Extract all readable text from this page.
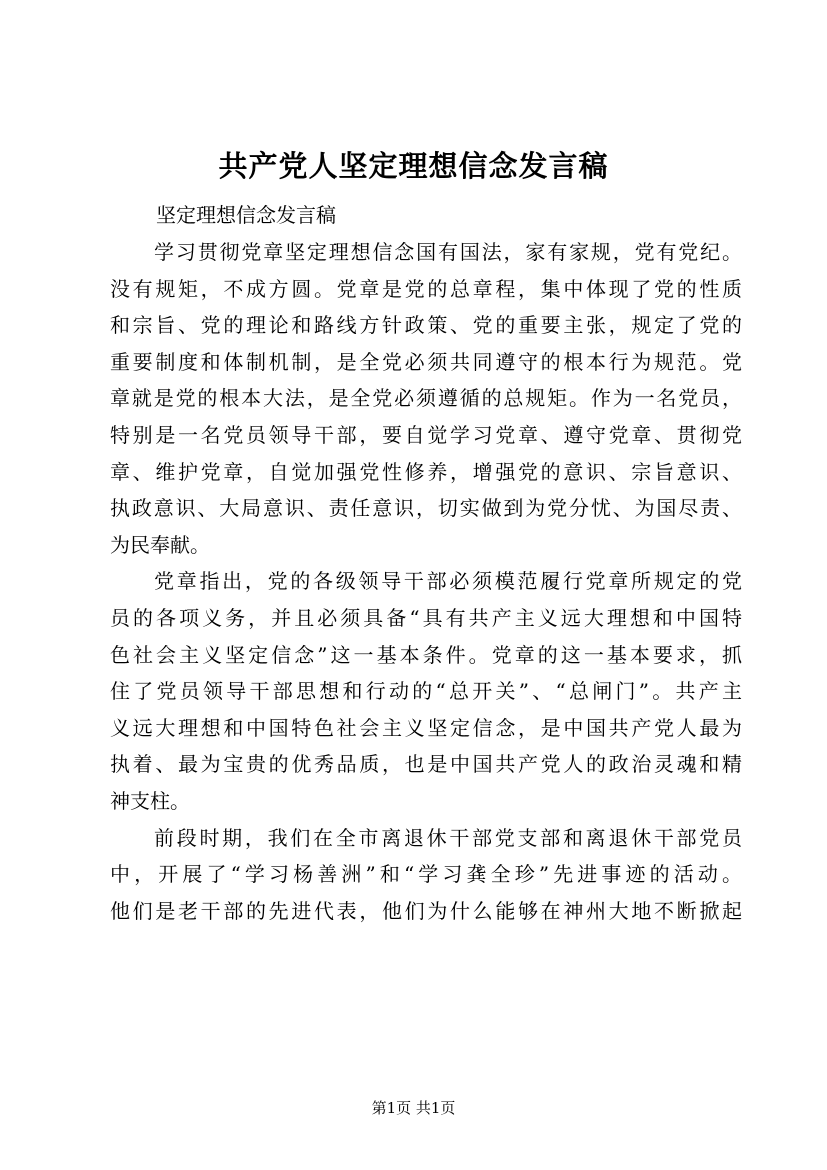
共产党人坚定理想信念发言稿
坚定理想信念发言稿
学习贯彻党章坚定理想信念国有国法，家有家规，党有党纪。
没有规矩，不成方圆。党章是党的总章程，集中体现了党的性质
和宗旨、党的理论和路线方针政策、党的重要主张，规定了党的
重要制度和体制机制，是全党必须共同遵守的根本行为规范。党
章就是党的根本大法，是全党必须遵循的总规矩。作为一名党员，
特别是一名党员领导干部，要自觉学习党章、遵守党章、贯彻党
章、维护党章，自觉加强党性修养，增强党的意识、宗旨意识、
执政意识、大局意识、责任意识，切实做到为党分忧、为国尽责、
为民奉献。
党章指出，党的各级领导干部必须模范履行党章所规定的党
员的各项义务，并且必须具备“具有共产主义远大理想和中国特
色社会主义坚定信念”这一基本条件。党章的这一基本要求，抓
住了党员领导干部思想和行动的“总开关”、“总闸门”。共产主
义远大理想和中国特色社会主义坚定信念，是中国共产党人最为
执着、最为宝贵的优秀品质，也是中国共产党人的政治灵魂和精
神支柱。
前段时期，我们在全市离退休干部党支部和离退休干部党员
中，开展了“学习杨善洲”和“学习龚全珍”先进事迹的活动。
他们是老干部的先进代表，他们为什么能够在神州大地不断掀起
第1页 共1页
